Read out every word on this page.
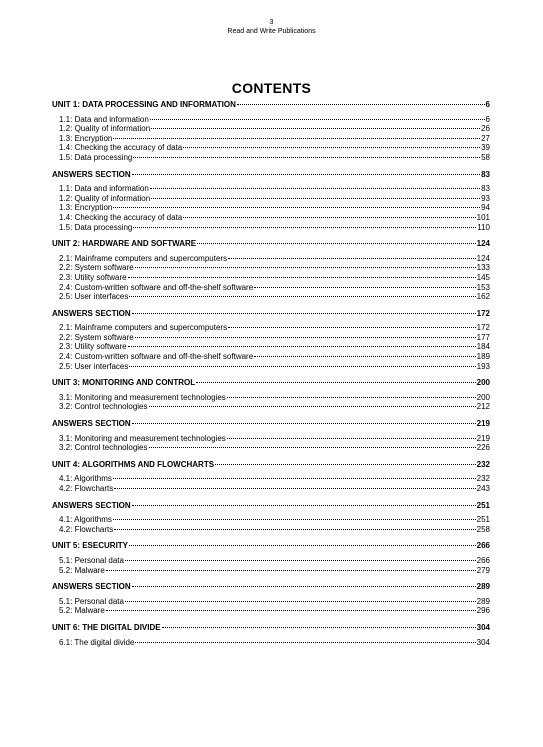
3
Read and Write Publications
CONTENTS
UNIT 1: DATA PROCESSING AND INFORMATION	6
1.1: Data and information	6
1.2: Quality of information	26
1.3: Encryption	27
1.4: Checking the accuracy of data	39
1.5: Data processing	58
ANSWERS SECTION	83
1.1: Data and information	83
1.2: Quality of information	93
1.3: Encryption	94
1.4: Checking the accuracy of data	101
1.5: Data processing	110
UNIT 2: HARDWARE AND SOFTWARE	124
2.1: Mainframe computers and supercomputers	124
2.2: System software	133
2.3: Utility software	145
2.4: Custom-written software and off-the-shelf software	153
2.5: User interfaces	162
ANSWERS SECTION	172
2.1: Mainframe computers and supercomputers	172
2.2: System software	177
2.3: Utility software	184
2.4: Custom-written software and off-the-shelf software	189
2.5: User interfaces	193
UNIT 3: MONITORING AND CONTROL	200
3.1: Monitoring and measurement technologies	200
3.2: Control technologies	212
ANSWERS SECTION	219
3.1: Monitoring and measurement technologies	219
3.2: Control technologies	226
UNIT 4: ALGORITHMS AND FLOWCHARTS	232
4.1: Algorithms	232
4.2: Flowcharts	243
ANSWERS SECTION	251
4.1: Algorithms	251
4.2: Flowcharts	258
UNIT 5: ESECURITY	266
5.1: Personal data	266
5.2: Malware	279
ANSWERS SECTION	289
5.1: Personal data	289
5.2: Malware	296
UNIT 6: THE DIGITAL DIVIDE	304
6.1: The digital divide	304
